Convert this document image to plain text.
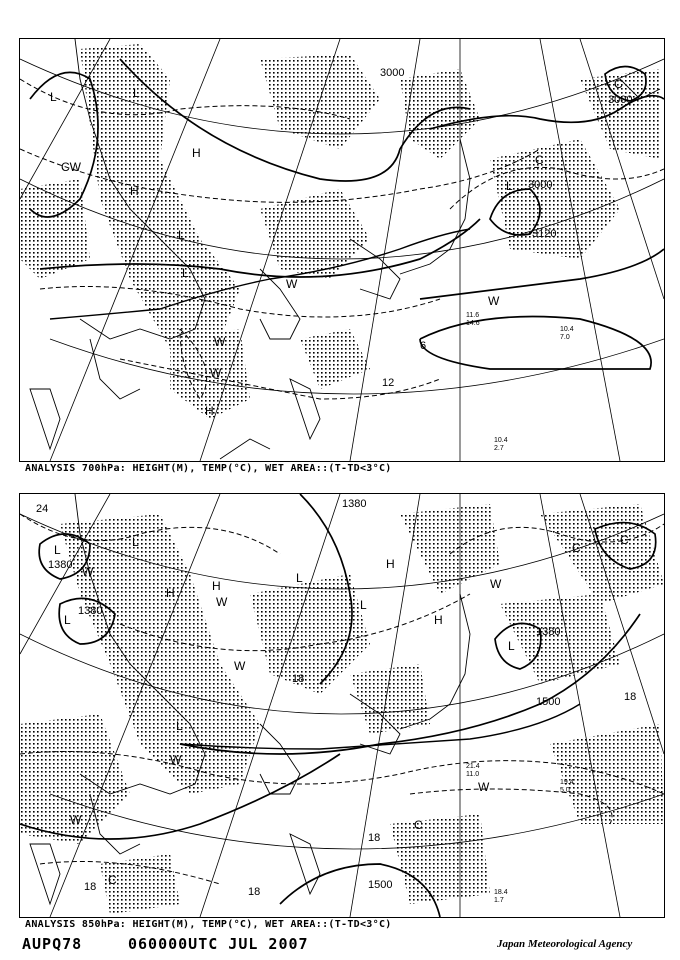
L	L
CW
H
H
L
L
W
W
W
H
W
L
C
C
3000
3000
3000
3120
6
12
11.6
14.6
10.4
7.0
10.4
2.7
ANALYSIS 700hPa: HEIGHT(M), TEMP(°C), WET AREA::(T-TD<3°C)
L
L
W
L
H	H
W
L
H
H
W
L
W
C
C
W
L
L
W
W
C
C
24
1380
1380
1380
1380
1500	18
18
18	1500
18
18
19.4
5.0
21.4
11.0
18.4
1.7
ANALYSIS 850hPa: HEIGHT(M), TEMP(°C), WET AREA::(T-TD<3°C)
AUPQ78	060000UTC JUL 2007	Japan Meteorological Agency
